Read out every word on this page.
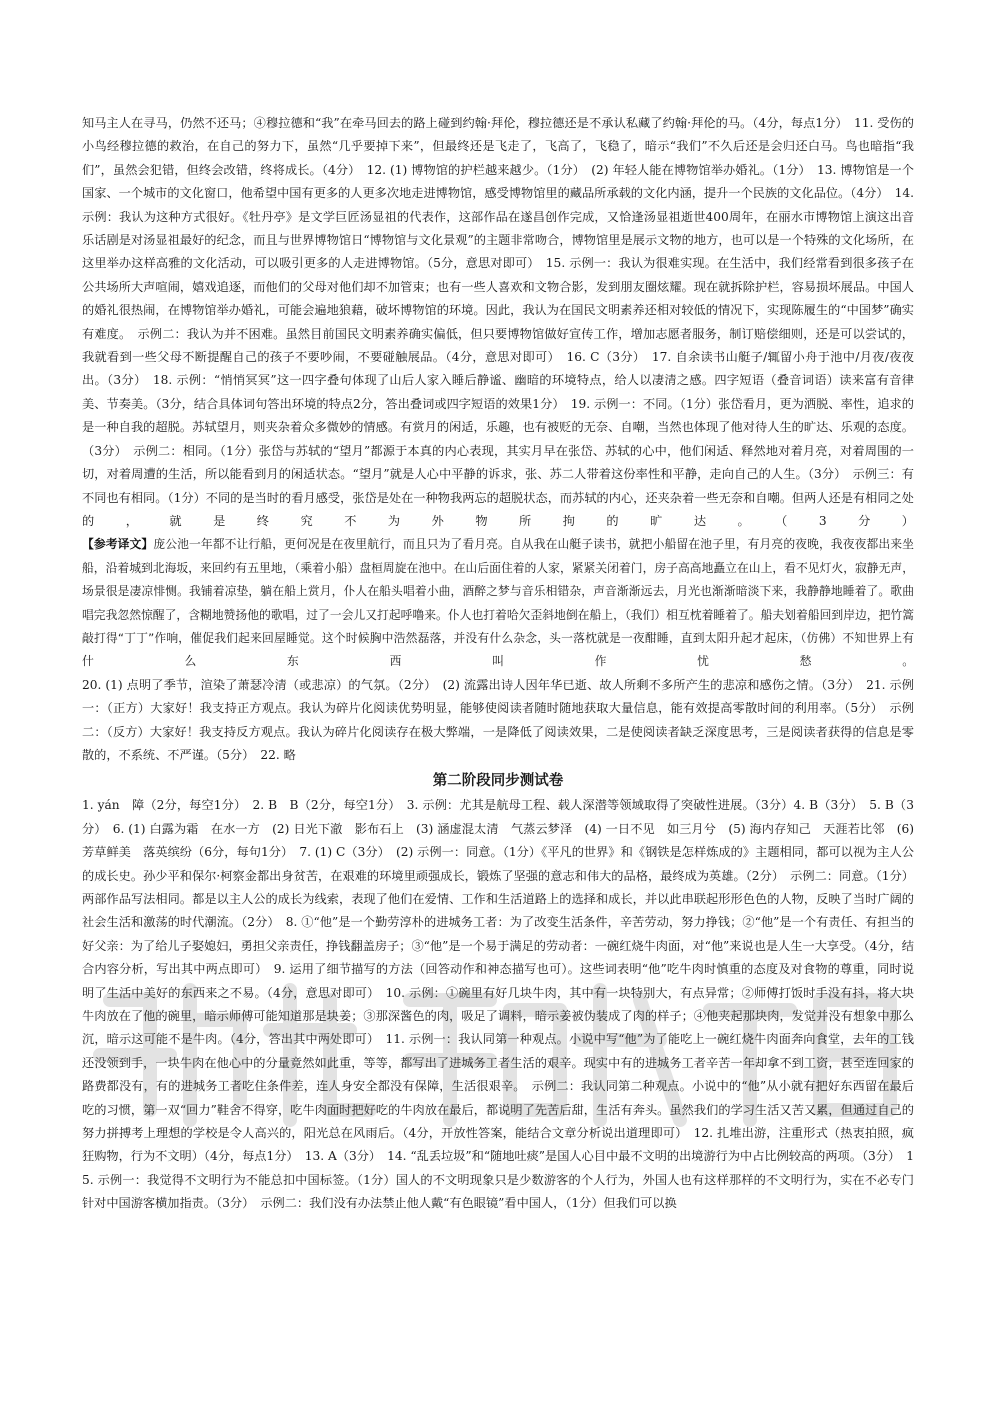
知马主人在寻马，仍然不还马；④穆拉德和“我”在牵马回去的路上碰到约翰·拜伦，穆拉德还是不承认私藏了约翰·拜伦的马。（4分，每点1分）　11. 受伤的小鸟经穆拉德的救治，在自己的努力下，虽然“几乎要掉下来”，但最终还是飞走了，飞高了，飞稳了，暗示“我们”不久后还是会归还白马。鸟也暗指“我们”，虽然会犯错，但终会改错，终将成长。（4分）　12. (1) 博物馆的护栏越来越少。（1分）　(2) 年轻人能在博物馆举办婚礼。（1分）　13. 博物馆是一个国家、一个城市的文化窗口，他希望中国有更多的人更多次地走进博物馆，感受博物馆里的藏品所承载的文化内涵，提升一个民族的文化品位。（4分）　14. 示例：我认为这种方式很好。《牡丹亭》是文学巨匠汤显祖的代表作，这部作品在遂昌创作完成，又恰逢汤显祖逝世400周年，在丽水市博物馆上演这出音乐话剧是对汤显祖最好的纪念，而且与世界博物馆日“博物馆与文化景观”的主题非常吻合，博物馆里是展示文物的地方，也可以是一个特殊的文化场所，在这里举办这样高雅的文化活动，可以吸引更多的人走进博物馆。（5分，意思对即可）　15. 示例一：我认为很难实现。在生活中，我们经常看到很多孩子在公共场所大声喧闹，嬉戏追逐，而他们的父母对他们却不加管束；也有一些人喜欢和文物合影，发到朋友圈炫耀。现在就拆除护栏，容易损坏展品。中国人的婚礼很热闹，在博物馆举办婚礼，可能会遍地狼藉，破坏博物馆的环境。因此，我认为在国民文明素养还相对较低的情况下，实现陈履生的“中国梦”确实有难度。　示例二：我认为并不困难。虽然目前国民文明素养确实偏低，但只要博物馆做好宣传工作，增加志愿者服务，制订赔偿细则，还是可以尝试的，我就看到一些父母不断提醒自己的孩子不要吵闹，不要碰触展品。（4分，意思对即可）　16. C（3分）　17. 自余读书山艇子/辄留小舟于池中/月夜/夜夜出。（3分）　18. 示例：“悄悄冥冥”这一四字叠句体现了山后人家入睡后静谧、幽暗的环境特点，给人以凄清之感。四字短语（叠音词语）读来富有音律美、节奏美。（3分，结合具体词句答出环境的特点2分，答出叠词或四字短语的效果1分）　19. 示例一：不同。（1分）张岱看月，更为洒脱、率性，追求的是一种自我的超脱。苏轼望月，则夹杂着众多微妙的情感。有赏月的闲适，乐趣，也有被贬的无奈、自嘲，当然也体现了他对待人生的旷达、乐观的态度。（3分）　示例二：相同。（1分）张岱与苏轼的“望月”都源于本真的内心表现，其实月早在张岱、苏轼的心中，他们闲适、释然地对着月亮，对着周围的一切，对着周遭的生活，所以能看到月的闲适状态。“望月”就是人心中平静的诉求，张、苏二人带着这份率性和平静，走向自己的人生。（3分）　示例三：有不同也有相同。（1分）不同的是当时的看月感受，张岱是处在一种物我两忘的超脱状态，而苏轼的内心，还夹杂着一些无奈和自嘲。但两人还是有相同之处的，就是终究不为外物所拘的旷达。（3分）

【参考译文】庞公池一年都不让行船，更何况是在夜里航行，而且只为了看月亮。自从我在山艇子读书，就把小船留在池子里，有月亮的夜晚，我夜夜都出来坐船，沿着城到北海坂，来回约有五里地，（乘着小船）盘桓周旋在池中。在山后面住着的人家，紧紧关闭着门，房子高高地矗立在山上，看不见灯火，寂静无声，场景很是凄凉悱恻。我铺着凉垫，躺在船上赏月，仆人在船头唱着小曲，酒醉之梦与音乐相错杂，声音渐渐远去，月光也渐渐暗淡下来，我静静地睡着了。歌曲唱完我忽然惊醒了，含糊地赞扬他的歌唱，过了一会儿又打起呼噜来。仆人也打着哈欠歪斜地倒在船上，（我们）相互枕着睡着了。船夫划着船回到岸边，把竹篙敲打得“丁丁”作响，催促我们起来回屋睡觉。这个时候胸中浩然磊落，并没有什么杂念，头一落枕就是一夜酣睡，直到太阳升起才起床，（仿佛）不知世界上有什么东西叫作忧愁。

20. (1) 点明了季节，渲染了萧瑟冷清（或悲凉）的气氛。（2分）　(2) 流露出诗人因年华已逝、故人所剩不多所产生的悲凉和感伤之情。（3分）　21. 示例一：（正方）大家好！我支持正方观点。我认为碎片化阅读优势明显，能够使阅读者随时随地获取大量信息，能有效提高零散时间的利用率。（5分）　示例二：（反方）大家好！我支持反方观点。我认为碎片化阅读存在极大弊端，一是降低了阅读效果，二是使阅读者缺乏深度思考，三是阅读者获得的信息是零散的，不系统、不严谨。（5分）　22. 略

第二阶段同步测试卷

1. yán　障（2分，每空1分）　2. B　B（2分，每空1分）　3. 示例：尤其是航母工程、载人深潜等领域取得了突破性进展。（3分）4. B（3分）　5. B（3分）　6. (1) 白露为霜　在水一方　(2) 日光下澈　影布石上　(3) 涵虚混太清　气蒸云梦泽　(4) 一日不见　如三月兮　(5) 海内存知己　天涯若比邻　(6) 芳草鲜美　落英缤纷（6分，每句1分）　7. (1) C（3分）　(2) 示例一：同意。（1分）《平凡的世界》和《钢铁是怎样炼成的》主题相同，都可以视为主人公的成长史。孙少平和保尔·柯察金都出身贫苦，在艰难的环境里顽强成长，锻炼了坚强的意志和伟大的品格，最终成为英雄。（2分）　示例二：同意。（1分）两部作品写法相同。都是以主人公的成长为线索，表现了他们在爱情、工作和生活道路上的选择和成长，并以此串联起形形色色的人物，反映了当时广阔的社会生活和激荡的时代潮流。（2分）　8. ①“他”是一个勤劳淳朴的进城务工者：为了改变生活条件，辛苦劳动，努力挣钱；②“他”是一个有责任、有担当的好父亲：为了给儿子娶媳妇，勇担父亲责任，挣钱翻盖房子；③“他”是一个易于满足的劳动者：一碗红烧牛肉面，对“他”来说也是人生一大享受。（4分，结合内容分析，写出其中两点即可）　9. 运用了细节描写的方法（回答动作和神态描写也可）。这些词表明“他”吃牛肉时慎重的态度及对食物的尊重，同时说明了生活中美好的东西来之不易。（4分，意思对即可）　10. 示例：①碗里有好几块牛肉，其中有一块特别大，有点异常；②师傅打饭时手没有抖，将大块牛肉放在了他的碗里，暗示师傅可能知道那是块姜；③那深酱色的肉，吸足了调料，暗示姜被伪装成了肉的样子；④他夹起那块肉，发觉并没有想象中那么沉，暗示这可能不是牛肉。（4分，答出其中两处即可）　11. 示例一：我认同第一种观点。小说中写“他”为了能吃上一碗红烧牛肉面奔向食堂，去年的工钱还没领到手，一块牛肉在他心中的分量竟然如此重，等等，都写出了进城务工者生活的艰辛。现实中有的进城务工者辛苦一年却拿不到工资，甚至连回家的路费都没有，有的进城务工者吃住条件差，连人身安全都没有保障，生活很艰辛。　示例二：我认同第二种观点。小说中的“他”从小就有把好东西留在最后吃的习惯，第一双“回力”鞋舍不得穿，吃牛肉面时把好吃的牛肉放在最后，都说明了先苦后甜，生活有奔头。虽然我们的学习生活又苦又累，但通过自己的努力拼搏考上理想的学校是令人高兴的，阳光总在风雨后。（4分，开放性答案，能结合文章分析说出道理即可）　12. 扎堆出游，注重形式（热衷拍照，疯狂购物，行为不文明）（4分，每点1分）　13. A（3分）　14. “乱丢垃圾”和“随地吐痰”是国人心目中最不文明的出境游行为中占比例较高的两项。（3分）　15. 示例一：我觉得不文明行为不能总扣中国标签。（1分）国人的不文明现象只是少数游客的个人行为，外国人也有这样那样的不文明行为，实在不必专门针对中国游客横加指责。（3分）　示例二：我们没有办法禁止他人戴“有色眼镜”看中国人，（1分）但我们可以换
